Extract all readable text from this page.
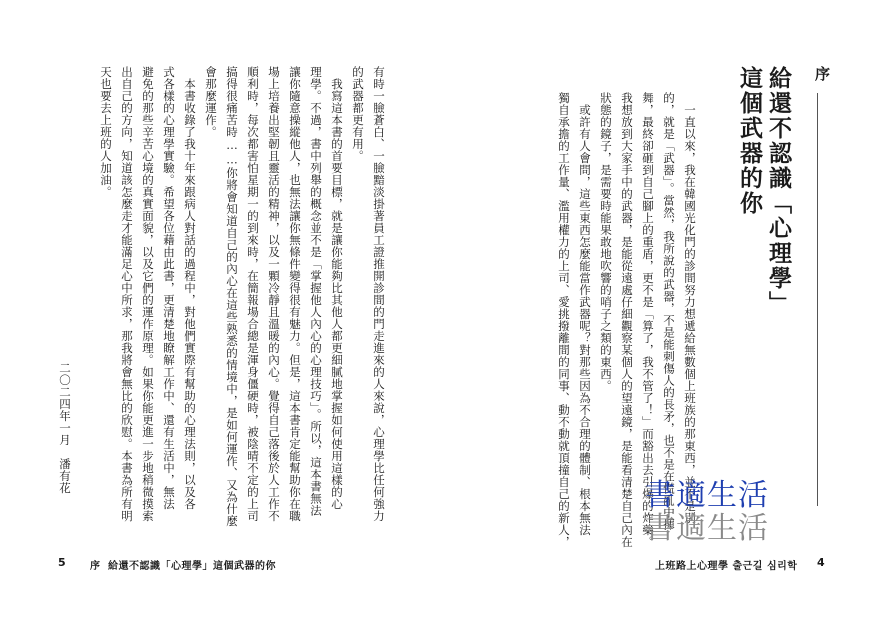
序
給還不認識「心理學」
這個武器的你
　一直以來，我在韓國光化門的診間努力想遞給無數個上班族的那東西，並不是別
的，就是「武器」。當然，我所說的武器，不是能刺傷人的長矛，也不是在慌亂中揮
舞，最終卻砸到自己腳上的重盾，更不是「算了，我不管了！」而豁出去引爆的炸藥。
我想放到大家手中的武器，是能從遠處仔細觀察某個人的望遠鏡，是能看清楚自己內在
狀態的鏡子，是需要時能果敢地吹響的哨子之類的東西。
　或許有人會問，這些東西怎麼能當作武器呢？對那些因為不合理的體制、根本無法
獨自承擔的工作量、濫用權力的上司、愛挑撥離間的同事、動不動就頂撞自己的新人， 書適生活
書適生活
上班路上心理學 출근길 심리학 4
有時一臉蒼白、一臉黯淡掛著員工證推開診間的門走進來的人來說，心理學比任何強力
的武器都更有用。
　我寫這本書的首要目標，就是讓你能夠比其他人都更細膩地掌握如何使用這樣的心
理學。不過，書中列舉的概念並不是「掌握他人內心的心理技巧」。所以，這本書無法
讓你隨意操縱他人，也無法讓你無條件變得很有魅力。但是，這本書肯定能幫助你在職
場上培養出堅韌且靈活的精神，以及一顆冷靜且溫暖的內心。覺得自己落後於人工作不
順利時，每次都害怕星期一的到來時，在簡報場合總是渾身僵硬時，被陰晴不定的上司
搞得很痛苦時……你將會知道自己的內心在這些熟悉的情境中，是如何運作、又為什麼
會那麼運作。
　本書收錄了我十年來跟病人對話的過程中，對他們實際有幫助的心理法則，以及各
式各樣的心理學實驗。希望各位藉由此書，更清楚地瞭解工作中、還有生活中，無法
避免的那些辛苦心境的真實面貌，以及它們的運作原理。如果你能更進一步地稍微摸索
出自己的方向，知道該怎麼走才能滿足心中所求，那我將會無比的欣慰。本書為所有明
天也要去上班的人加油。
二〇二四年一月　潘有花
5 序 給還不認識「心理學」這個武器的你
